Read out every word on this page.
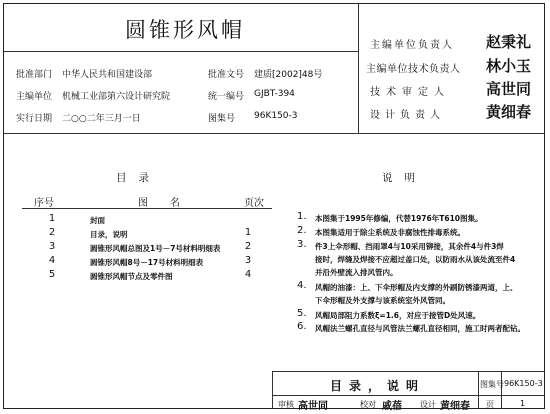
圆锥形风帽
批准部门 中华人民共和国建设部	批准文号 建质[2002]48号
主编单位 机械工业部第六设计研究院	统一编号 GJBT-394
实行日期 二○○二年三月一日	图集号 96K150-3
主编单位负责人 赵秉礼
主编单位技术负责人 林小玉
技术审定人 高世同
设计负责人	黄细春
目录
序号	图名	页次
1	封面
2	目录，说明	1
3	圆锥形风帽总图及1号－7号材料明细表	2
4	圆锥形风帽8号－17号材料明细表	3
5	圆锥形风帽节点及零件图	4
说明
1. 本图集于1995年修编，代替1976年T610图集。
2. 本图集适用于除尘系统及非腐蚀性排毒系统。
3. 件3上伞形帽、挡雨罩4与10采用铆接，其余件4与件3焊
接时，焊缝及焊接不应超过盖口处，以防雨水从该处流至件4
并沿外壁流入排风管内。
4. 风帽的油漆：上、下伞形帽及内支撑的外刷防锈漆两道，上、
下伞形帽及外支撑与该系统室外风管同。
5. 风帽局部阻力系数ξ=1.6，对应于接管D处风速。
6. 风帽法兰螺孔直径与风管法兰螺孔直径相同，施工时两者配钻。
目录，说明	图集号 96K150-3
审核 高世同	校对 戚蓓 设计 黄细春 页	1
